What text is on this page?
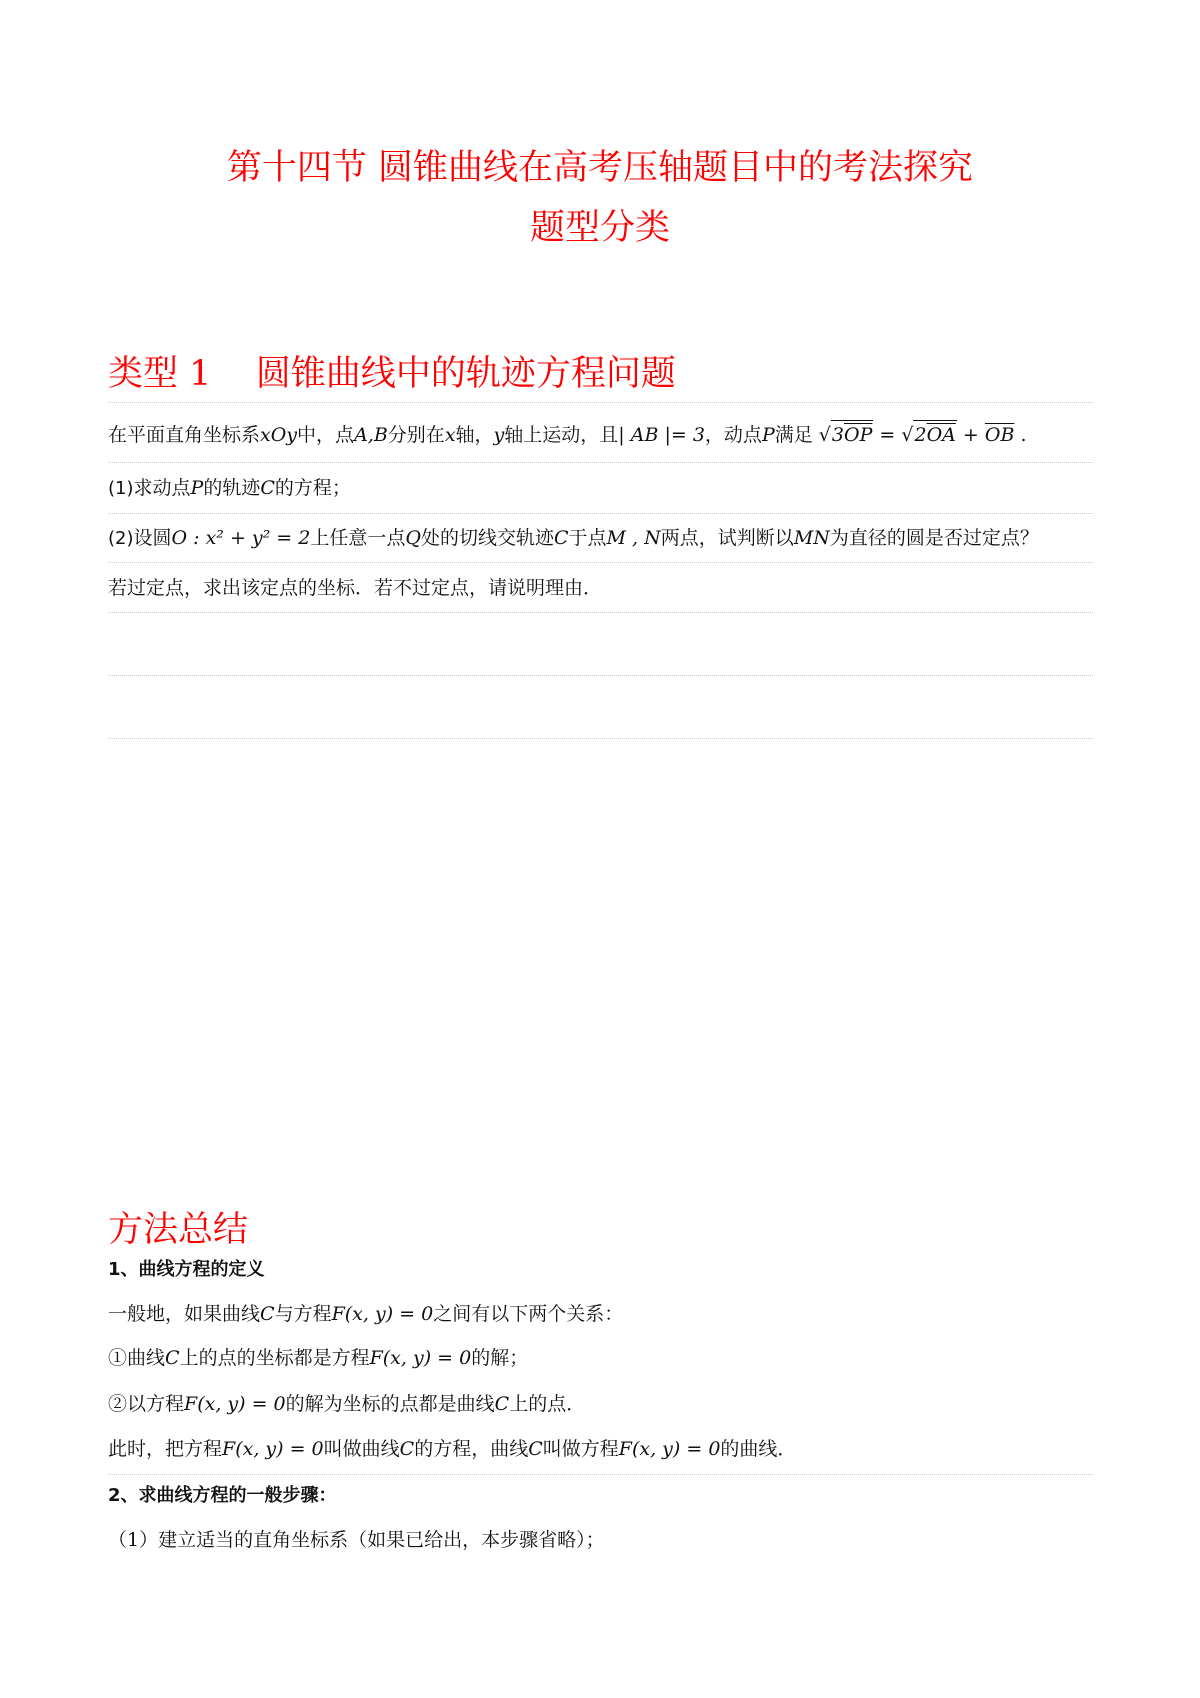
第十四节 圆锥曲线在高考压轴题目中的考法探究
题型分类
类型 1    圆锥曲线中的轨迹方程问题
在平面直角坐标系xOy中，点A,B分别在x轴，y轴上运动，且| AB |= 3，动点P满足 $√3\overline{OP} = √2\overline{OA} + \overline{OB}$ .
(1)求动点P的轨迹C的方程；
(2)设圆O : x² + y² = 2上任意一点Q处的切线交轨迹C于点M , N两点，试判断以MN为直径的圆是否过定点？
若过定点，求出该定点的坐标．若不过定点，请说明理由．
方法总结
1、曲线方程的定义
一般地，如果曲线C与方程F(x, y) = 0之间有以下两个关系：
①曲线C上的点的坐标都是方程F(x, y) = 0的解；
②以方程F(x, y) = 0的解为坐标的点都是曲线C上的点．
此时，把方程F(x, y) = 0叫做曲线C的方程，曲线C叫做方程F(x, y) = 0的曲线．
2、求曲线方程的一般步骤：
（1）建立适当的直角坐标系（如果已给出，本步骤省略）；
